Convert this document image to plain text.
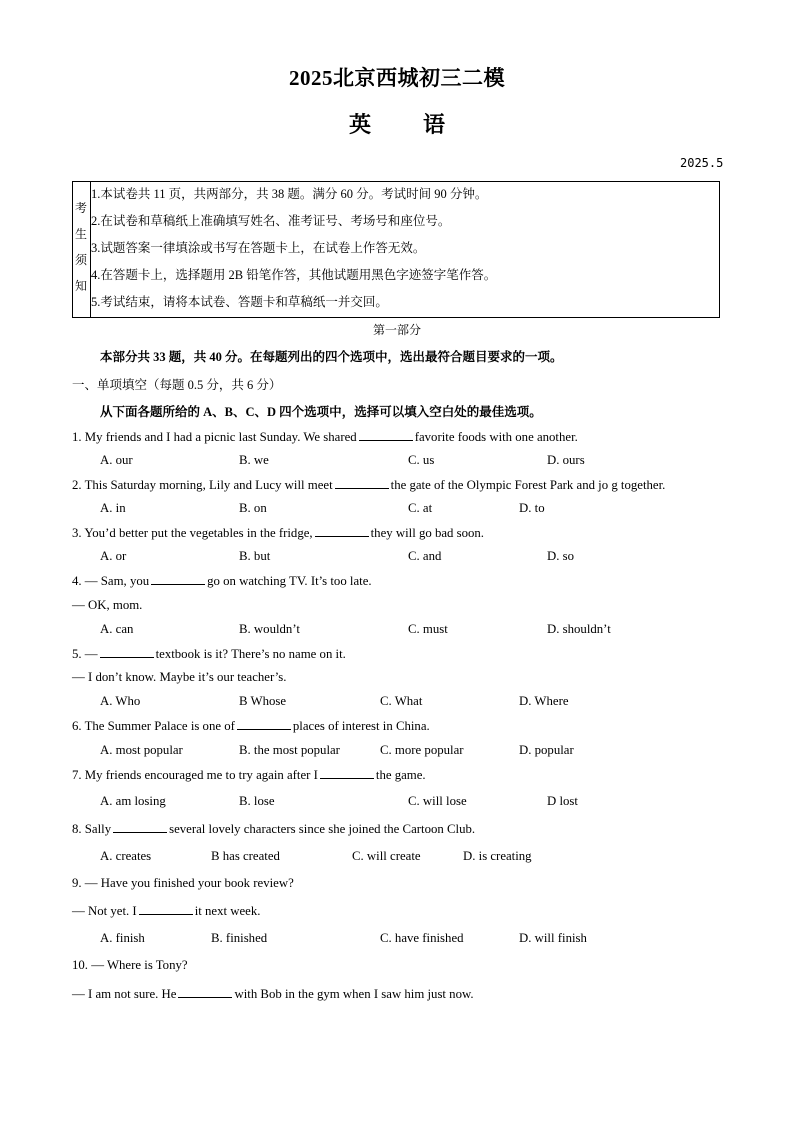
2025北京西城初三二模
英 语
2025.5
考
生
须
知
1.本试卷共 11 页，共两部分，共 38 题。满分 60 分。考试时间 90 分钟。
2.在试卷和草稿纸上准确填写姓名、准考证号、考场号和座位号。
3.试题答案一律填涂或书写在答题卡上，在试卷上作答无效。
4.在答题卡上，选择题用 2B 铅笔作答，其他试题用黑色字迹签字笔作答。
5.考试结束，请将本试卷、答题卡和草稿纸一并交回。
第一部分
本部分共 33 题，共 40 分。在每题列出的四个选项中，选出最符合题目要求的一项。
一、单项填空（每题 0.5 分，共 6 分）
从下面各题所给的 A、B、C、D 四个选项中，选择可以填入空白处的最佳选项。
1. My friends and I had a picnic last Sunday. We shared	favorite foods with one another.
A. our	B. we	C. us	D. ours
2. This Saturday morning, Lily and Lucy will meet	the gate of the Olympic Forest Park and jo g together.
A. in	B. on	C. at	D. to
3. You’d better put the vegetables in the fridge,	they will go bad soon.
A. or	B. but	C. and	D. so
4. — Sam, you	go on watching TV. It’s too late.
— OK, mom.
A. can	B. wouldn’t	C. must	D. shouldn’t
5. —	textbook is it? There’s no name on it.
— I don’t know. Maybe it’s our teacher’s.
A. Who	B Whose	C. What	D. Where
6. The Summer Palace is one of	places of interest in China.
A. most popular	B. the most popular	C. more popular	D. popular
7. My friends encouraged me to try again after I	the game.
A. am losing	B. lose	C. will lose	D lost
8. Sally	several lovely characters since she joined the Cartoon Club.
A. creates	B has created	C. will create	D. is creating
9. — Have you finished your book review?
— Not yet. I	it next week.
A. finish	B. finished	C. have finished	D. will finish
10. — Where is Tony?
— I am not sure. He	with Bob in the gym when I saw him just now.
